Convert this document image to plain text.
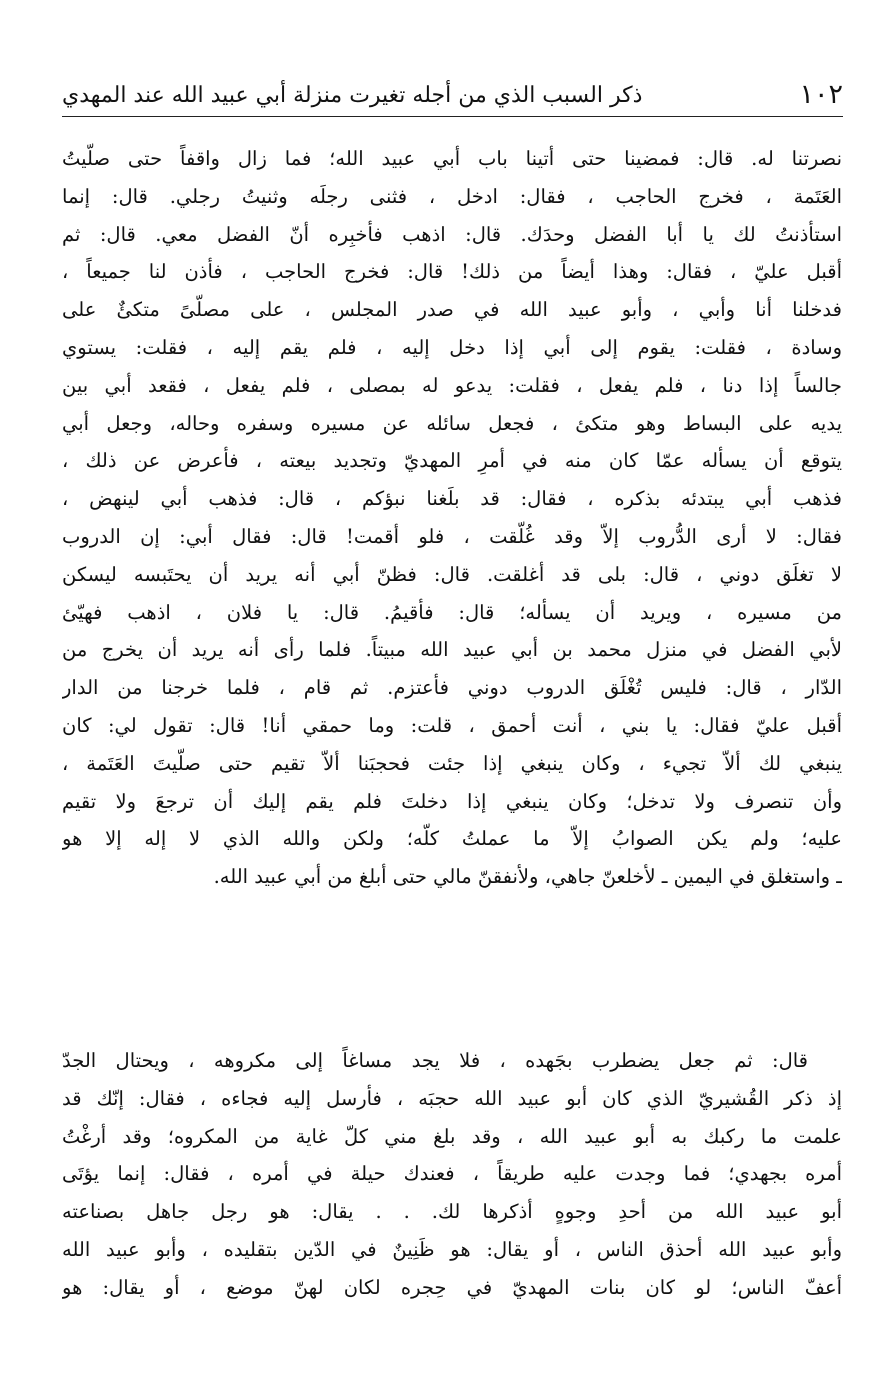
١٠٢
ذكر السبب الذي من أجله تغيرت منزلة أبي عبيد الله عند المهدي
نصرتنا له. قال: فمضينا حتى أتينا باب أبي عبيد الله؛ فما زال واقفاً حتى صلّيتُ
العَتَمة ، فخرج الحاجب ، فقال: ادخل ، فثنى رجلَه وثنيتُ رجلي. قال: إنما
استأذنتُ لك يا أبا الفضل وحدَك. قال: اذهب فأخبِره أنّ الفضل معي. قال: ثم
أقبل عليّ ، فقال: وهذا أيضاً من ذلك! قال: فخرج الحاجب ، فأذن لنا جميعاً ،
فدخلنا أنا وأبي ، وأبو عبيد الله في صدر المجلس ، على مصلّىً متكئٌ على
وسادة ، فقلت: يقوم إلى أبي إذا دخل إليه ، فلم يقم إليه ، فقلت: يستوي
جالساً إذا دنا ، فلم يفعل ، فقلت: يدعو له بمصلى ، فلم يفعل ، فقعد أبي بين
يديه على البساط وهو متكئ ، فجعل سائله عن مسيره وسفره وحاله، وجعل أبي
يتوقع أن يسأله عمّا كان منه في أمرِ المهديّ وتجديد بيعته ، فأعرض عن ذلك ،
فذهب أبي يبتدئه بذكره ، فقال: قد بلَغنا نبؤكم ، قال: فذهب أبي لينهض ،
فقال: لا أرى الدُّروب إلاّ وقد غُلّقت ، فلو أقمت! قال: فقال أبي: إن الدروب
لا تغلَق دوني ، قال: بلى قد أغلقت. قال: فظنّ أبي أنه يريد أن يحتَبسه ليسكن
من مسيره ، ويريد أن يسأله؛ قال: فأقيمُ. قال: يا فلان ، اذهب فهيّئ
لأبي الفضل في منزل محمد بن أبي عبيد الله مبيتاً. فلما رأى أنه يريد أن يخرج من
الدّار ، قال: فليس تُغْلَق الدروب دوني فأعتزم. ثم قام ، فلما خرجنا من الدار
أقبل عليّ فقال: يا بني ، أنت أحمق ، قلت: وما حمقي أنا! قال: تقول لي: كان
ينبغي لك ألاّ تجيء ، وكان ينبغي إذا جئت فحجبَنا ألاّ تقيم حتى صلّيتَ العَتَمة ،
وأن تنصرف ولا تدخل؛ وكان ينبغي إذا دخلتَ فلم يقم إليك أن ترجعَ ولا تقيم
عليه؛ ولم يكن الصوابُ إلاّ ما عملتُ كلّه؛ ولكن والله الذي لا إله إلا هو
ـ واستغلق في اليمين ـ لأخلعنّ جاهي، ولأنفقنّ مالي حتى أبلغ من أبي عبيد الله.
قال: ثم جعل يضطرب بجَهده ، فلا يجد مساغاً إلى مكروهه ، ويحتال الجدّ
إذ ذكر القُشيريّ الذي كان أبو عبيد الله حجبَه ، فأرسل إليه فجاءه ، فقال: إنّك قد
علمت ما ركبك به أبو عبيد الله ، وقد بلغ مني كلّ غاية من المكروه؛ وقد أرغْتُ
أمره بجهدي؛ فما وجدت عليه طريقاً ، فعندك حيلة في أمره ، فقال: إنما يؤتَى
أبو عبيد الله من أحدِ وجوهٍ أذكرها لك. . . يقال: هو رجل جاهل بصناعته
وأبو عبيد الله أحذق الناس ، أو يقال: هو ظَنِينٌ في الدّين بتقليده ، وأبو عبيد الله
أعفّ الناس؛ لو كان بنات المهديّ في حِجره لكان لهنّ موضع ، أو يقال: هو
